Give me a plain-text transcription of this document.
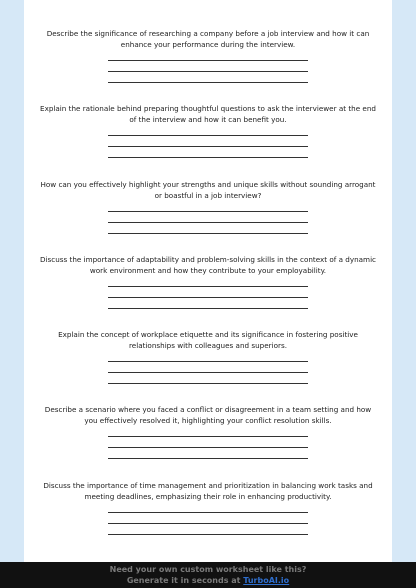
Describe the significance of researching a company before a job interview and how it can enhance your performance during the interview.
Explain the rationale behind preparing thoughtful questions to ask the interviewer at the end of the interview and how it can benefit you.
How can you effectively highlight your strengths and unique skills without sounding arrogant or boastful in a job interview?
Discuss the importance of adaptability and problem-solving skills in the context of a dynamic work environment and how they contribute to your employability.
Explain the concept of workplace etiquette and its significance in fostering positive relationships with colleagues and superiors.
Describe a scenario where you faced a conflict or disagreement in a team setting and how you effectively resolved it, highlighting your conflict resolution skills.
Discuss the importance of time management and prioritization in balancing work tasks and meeting deadlines, emphasizing their role in enhancing productivity.
Need your own custom worksheet like this?
Generate it in seconds at TurboAI.io
